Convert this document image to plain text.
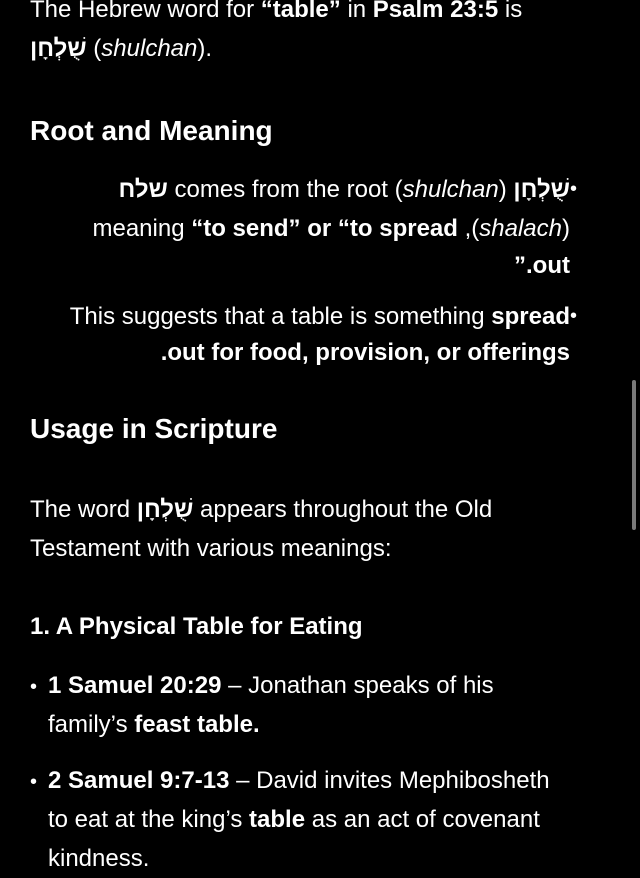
The Hebrew word for “table” in Psalm 23:5 is
שֻׁלְחָן (shulchan).

Root and Meaning
•

שלח comes from the root (shulchan) שֻׁלְחָן

meaning “to send” or “to spread ,(shalach)

”.out

•

This suggests that a table is something spread

.out for food, provision, or offerings

Usage in Scripture

The word שֻׁלְחָן appears throughout the Old
Testament with various meanings:

1. A Physical Table for Eating
• 1 Samuel 20:29 – Jonathan speaks of his
family’s feast table.

• 2 Samuel 9:7-13 – David invites Mephibosheth
to eat at the king’s table as an act of covenant
kindness.
